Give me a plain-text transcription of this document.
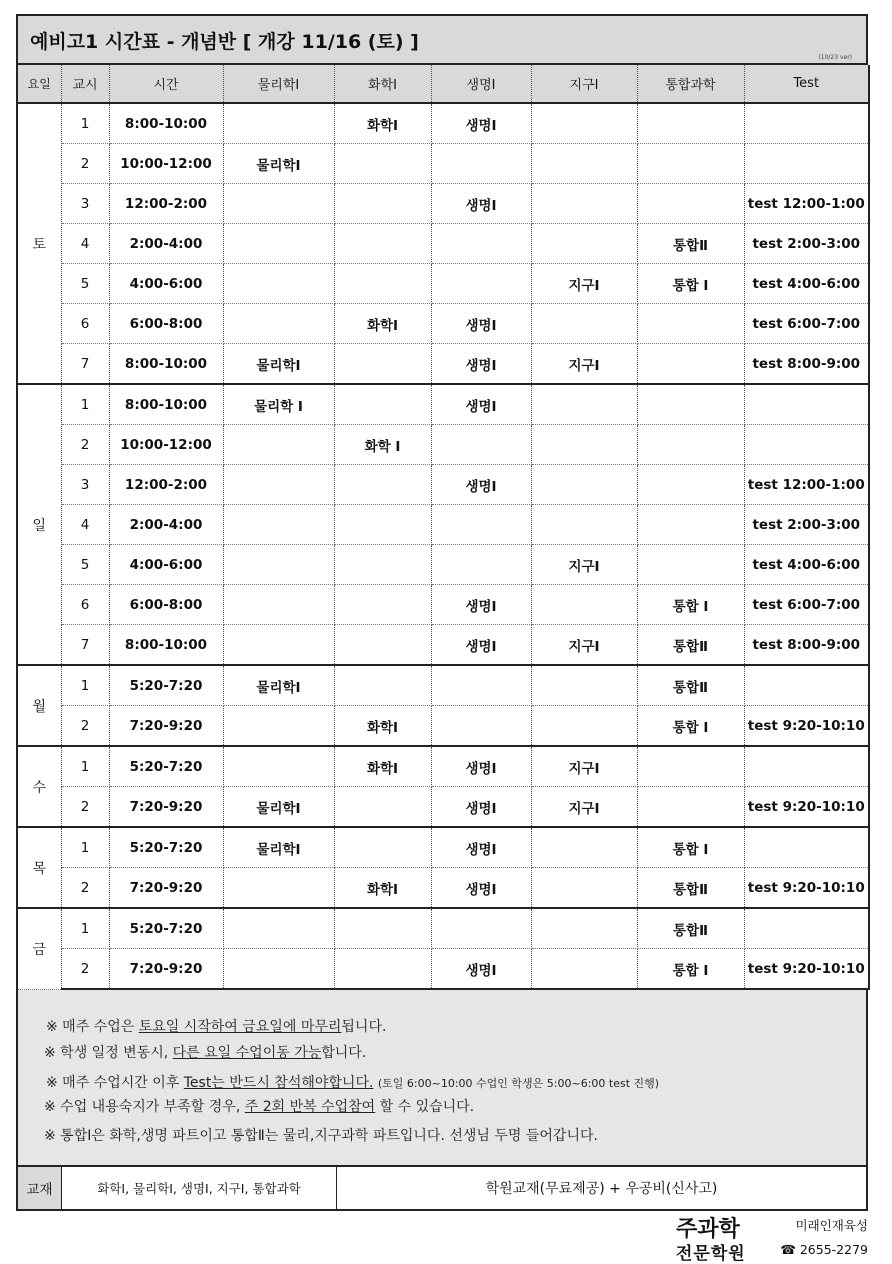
예비고1 시간표 - 개념반 [ 개강 11/16 (토) ]
(10/23 ver)
요일	교시	시간	물리학Ⅰ	화학Ⅰ	생명Ⅰ	지구Ⅰ	통합과학	Test
토	1	8:00-10:00		화학Ⅰ	생명Ⅰ			
	2	10:00-12:00	물리학Ⅰ					
	3	12:00-2:00			생명Ⅰ			test 12:00-1:00
	4	2:00-4:00					통합Ⅱ	test 2:00-3:00
	5	4:00-6:00				지구Ⅰ	통합 Ⅰ	test 4:00-6:00
	6	6:00-8:00		화학Ⅰ	생명Ⅰ			test 6:00-7:00
	7	8:00-10:00	물리학Ⅰ		생명Ⅰ	지구Ⅰ		test 8:00-9:00
일	1	8:00-10:00	물리학 Ⅰ		생명Ⅰ			
	2	10:00-12:00		화학 Ⅰ				
	3	12:00-2:00			생명Ⅰ			test 12:00-1:00
	4	2:00-4:00						test 2:00-3:00
	5	4:00-6:00				지구Ⅰ		test 4:00-6:00
	6	6:00-8:00			생명Ⅰ		통합 Ⅰ	test 6:00-7:00
	7	8:00-10:00			생명Ⅰ	지구Ⅰ	통합Ⅱ	test 8:00-9:00
월	1	5:20-7:20	물리학Ⅰ				통합Ⅱ	
	2	7:20-9:20		화학Ⅰ			통합 Ⅰ	test 9:20-10:10
수	1	5:20-7:20		화학Ⅰ	생명Ⅰ	지구Ⅰ		
	2	7:20-9:20	물리학Ⅰ		생명Ⅰ	지구Ⅰ		test 9:20-10:10
목	1	5:20-7:20	물리학Ⅰ		생명Ⅰ		통합 Ⅰ	
	2	7:20-9:20		화학Ⅰ	생명Ⅰ		통합Ⅱ	test 9:20-10:10
금	1	5:20-7:20					통합Ⅱ	
	2	7:20-9:20			생명Ⅰ		통합 Ⅰ	test 9:20-10:10
※ 매주 수업은 토요일 시작하여 금요일에 마무리됩니다.
※ 학생 일정 변동시, 다른 요일 수업이동 가능합니다.
※ 매주 수업시간 이후 Test는 반드시 참석해야합니다. (토일 6:00~10:00 수업인 학생은 5:00~6:00 test 진행)
※ 수업 내용숙지가 부족할 경우, 주 2회 반복 수업참여 할 수 있습니다.
※ 통합Ⅰ은 화학,생명 파트이고 통합Ⅱ는 물리,지구과학 파트입니다. 선생님 두명 들어갑니다.
교재	화학Ⅰ, 물리학Ⅰ, 생명Ⅰ, 지구Ⅰ, 통합과학	학원교재(무료제공) + 우공비(신사고)
주과학
전문학원
미래인재육성
☎ 2655-2279
